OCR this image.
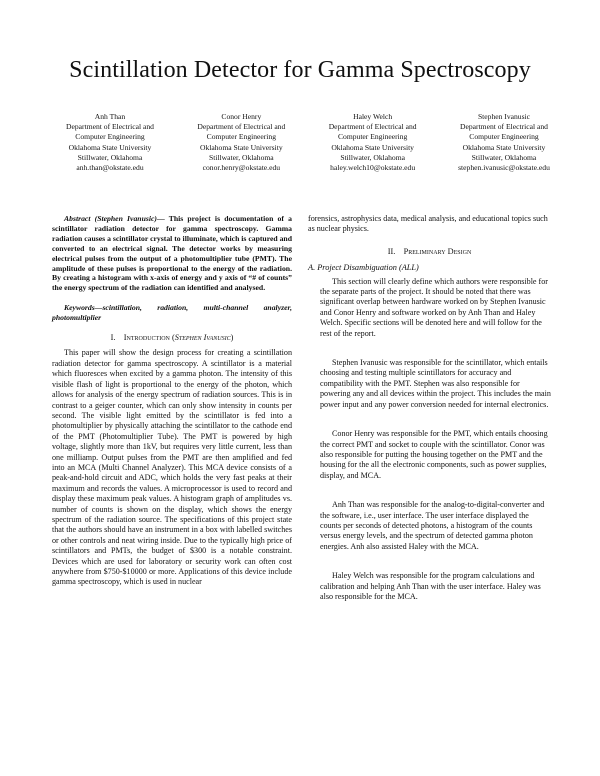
Scintillation Detector for Gamma Spectroscopy
Anh Than
Department of Electrical and
Computer Engineering
Oklahoma State University
Stillwater, Oklahoma
anh.than@okstate.edu
Conor Henry
Department of Electrical and
Computer Engineering
Oklahoma State University
Stillwater, Oklahoma
conor.henry@okstate.edu
Haley Welch
Department of Electrical and
Computer Engineering
Oklahoma State University
Stillwater, Oklahoma
haley.welch10@okstate.edu
Stephen Ivanusic
Department of Electrical and
Computer Engineering
Oklahoma State University
Stillwater, Oklahoma
stephen.ivanusic@okstate.edu

Abstract (Stephen Ivanusic)— This project is documentation of a scintillator radiation detector for gamma spectroscopy. Gamma radiation causes a scintillator crystal to illuminate, which is captured and converted to an electrical signal. The detector works by measuring electrical pulses from the output of a photomultiplier tube (PMT). The amplitude of these pulses is proportional to the energy of the radiation. By creating a histogram with x-axis of energy and y axis of “# of counts” the energy spectrum of the radiation can identified and analysed.

Keywords—scintillation, radiation, multi-channel analyzer, photomultiplier

I. Introduction (Stephen Ivanusic)

This paper will show the design process for creating a scintillation radiation detector for gamma spectroscopy. A scintillator is a material which fluoresces when excited by a gamma photon. The intensity of this visible flash of light is proportional to the energy of the photon, which allows for analysis of the energy spectrum of radiation sources. This is in contrast to a geiger counter, which can only show intensity in counts per second. The visible light emitted by the scintillator is fed into a photomultiplier by physically attaching the scintillator to the cathode end of the PMT (Photomultiplier Tube). The PMT is powered by high voltage, slightly more than 1kV, but requires very little current, less than one milliamp. Output pulses from the PMT are then amplified and fed into an MCA (Multi Channel Analyzer). This MCA device consists of a peak-and-hold circuit and ADC, which holds the very fast peaks at their maximum and records the values. A microprocessor is used to record and display these maximum peak values. A histogram graph of amplitudes vs. number of counts is shown on the display, which shows the energy spectrum of the radiation source. The specifications of this project state that the authors should have an instrument in a box with labelled switches or other controls and neat wiring inside. Due to the typically high price of scintillators and PMTs, the budget of $300 is a notable constraint. Devices which are used for laboratory or security work can often cost anywhere from $750-$10000 or more. Applications of this device include gamma spectroscopy, which is used in nuclear

forensics, astrophysics data, medical analysis, and educational topics such as nuclear physics.

II. Preliminary Design
A. Project Disambiguation (ALL)

This section will clearly define which authors were responsible for the separate parts of the project. It should be noted that there was significant overlap between hardware worked on by Stephen Ivanusic and Conor Henry and software worked on by Anh Than and Haley Welch. Specific sections will be denoted here and will follow for the rest of the report.

Stephen Ivanusic was responsible for the scintillator, which entails choosing and testing multiple scintillators for accuracy and compatibility with the PMT. Stephen was also responsible for powering any and all devices within the project. This includes the main power input and any power conversion needed for internal electronics.

Conor Henry was responsible for the PMT, which entails choosing the correct PMT and socket to couple with the scintillator. Conor was also responsible for putting the housing together on the PMT and the housing for the all the electronic components, such as power supplies, display, and MCA.

Anh Than was responsible for the analog-to-digital-converter and the software, i.e., user interface. The user interface displayed the counts per seconds of detected photons, a histogram of the counts versus energy levels, and the spectrum of detected gamma photon energies. Anh also assisted Haley with the MCA.

Haley Welch was responsible for the program calculations and calibration and helping Anh Than with the user interface. Haley was also responsible for the MCA.
